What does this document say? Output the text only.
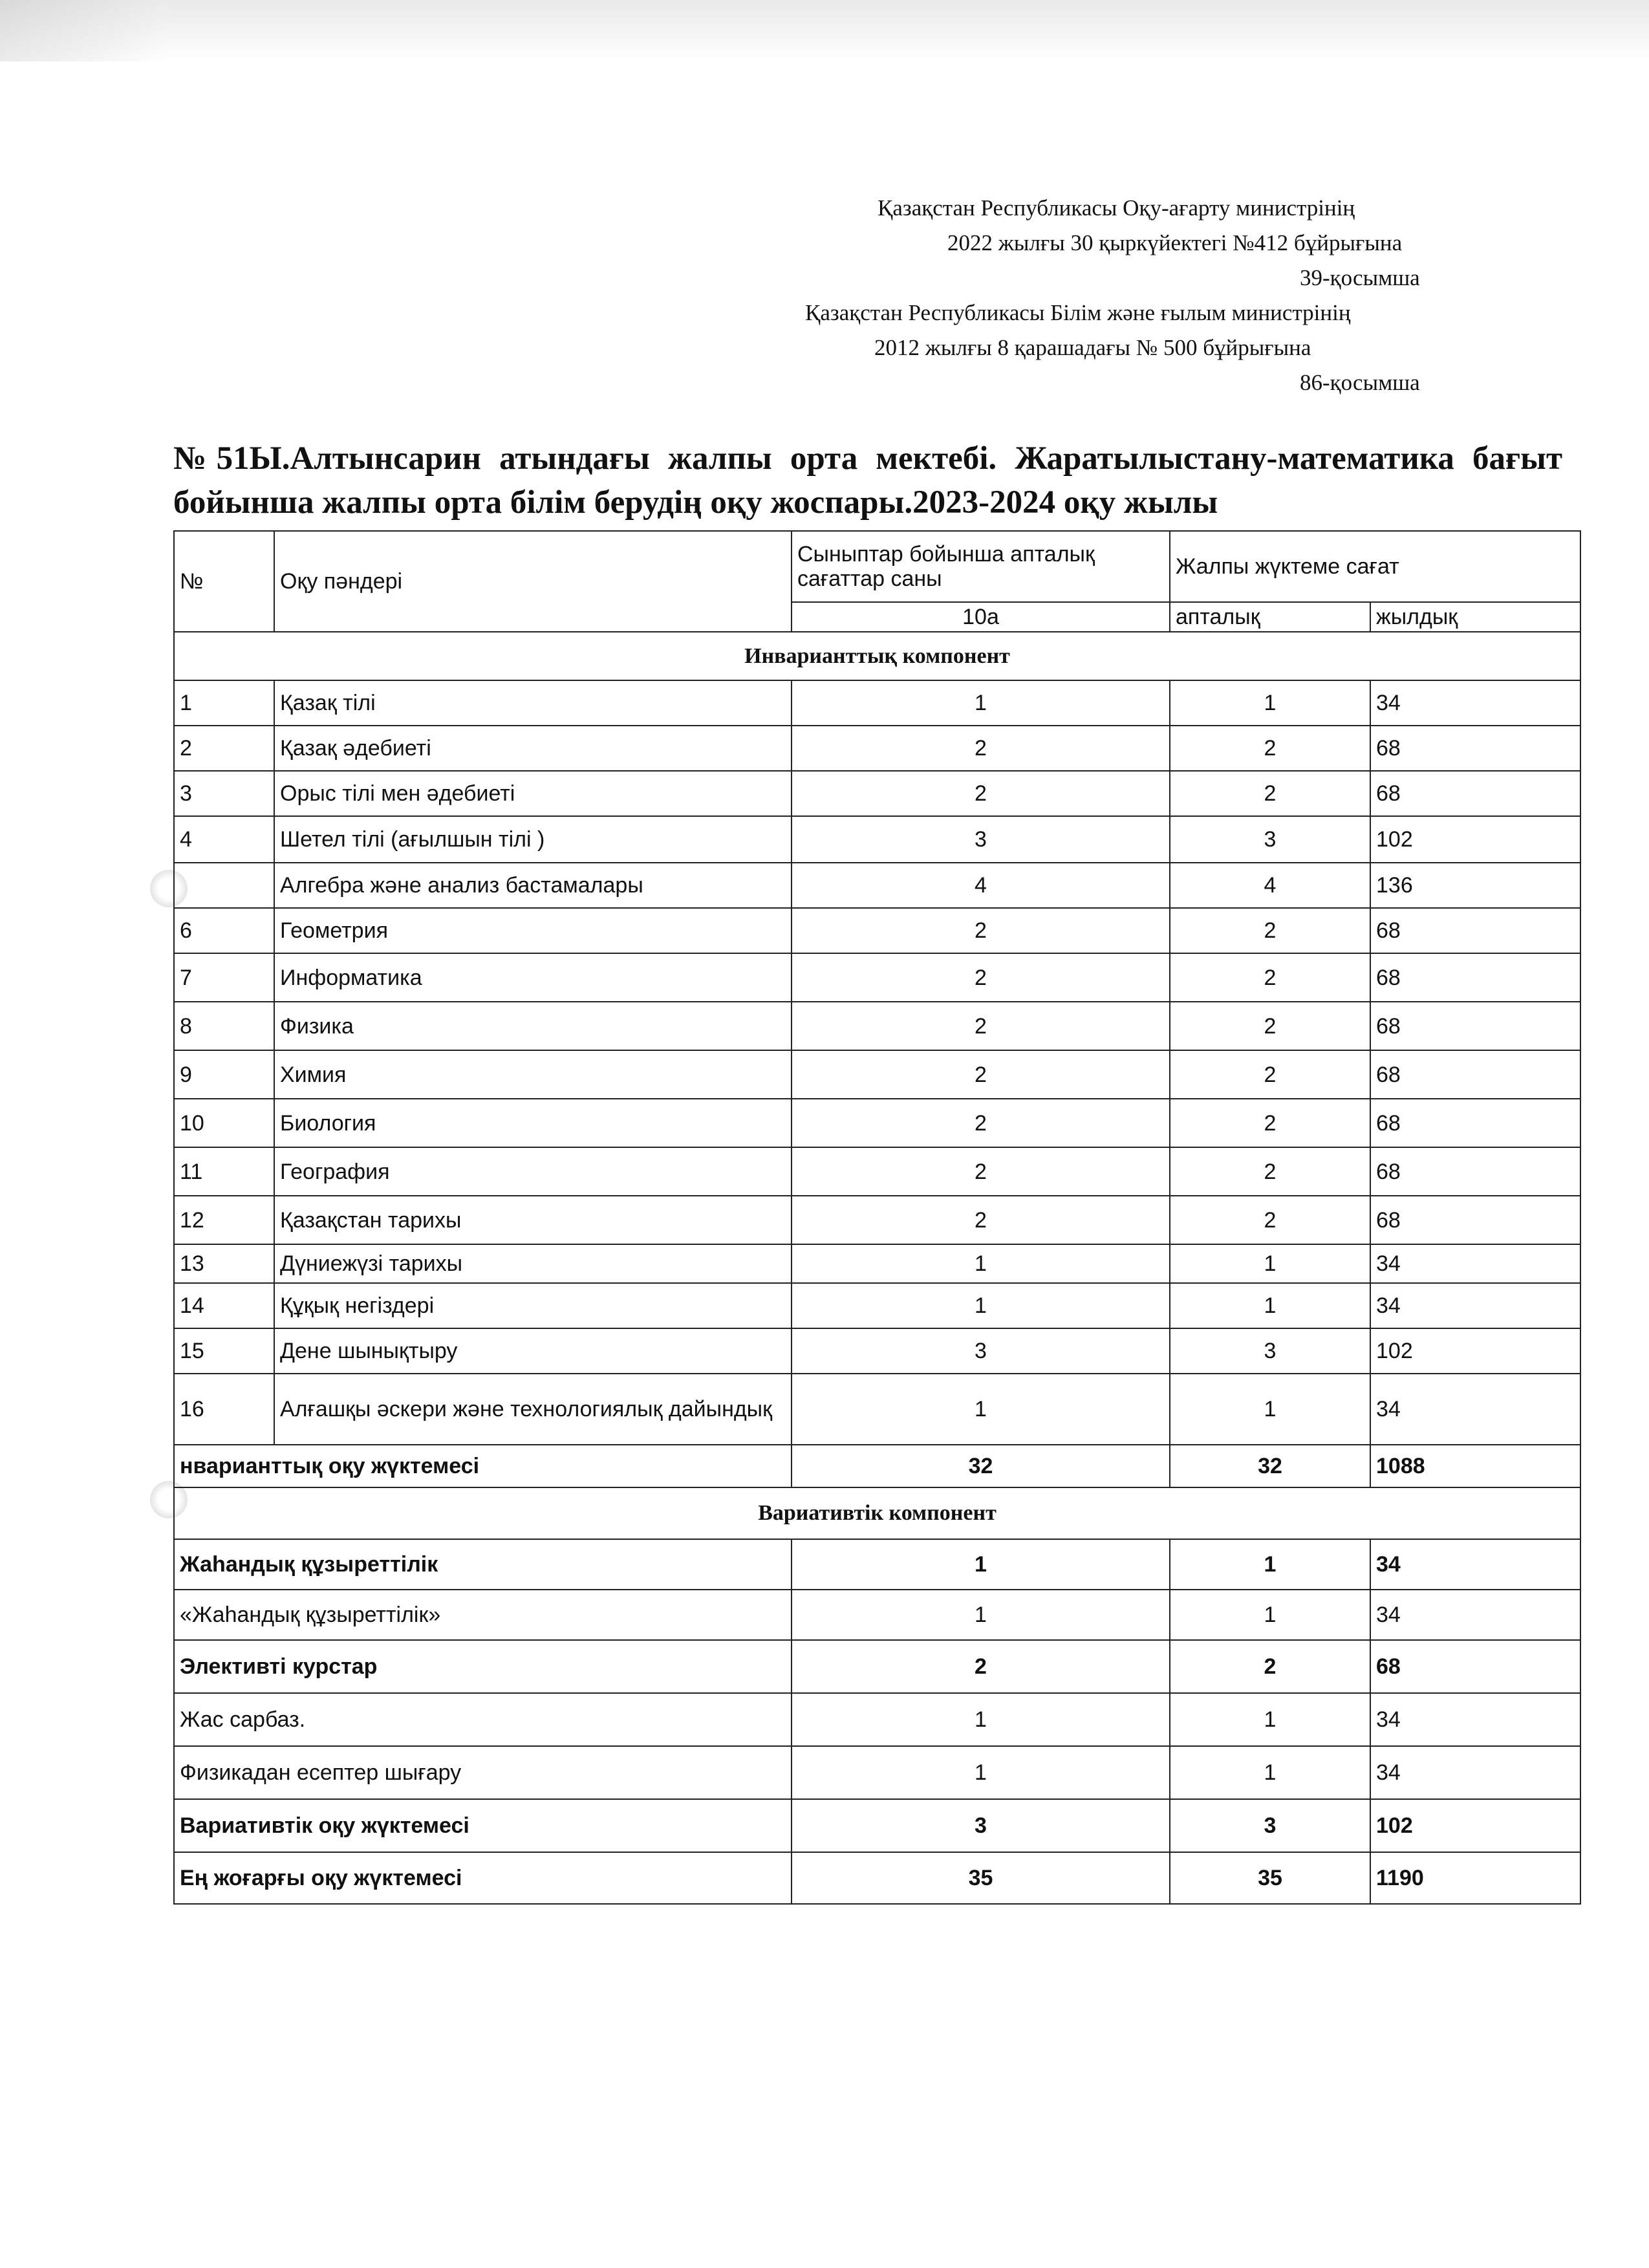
Қазақстан Республикасы Оқу-ағарту министрінің
2022 жылғы 30 қыркүйектегі №412 бұйрығына
39-қосымша
Қазақстан Республикасы Білім және ғылым министрінің
2012 жылғы 8 қарашадағы № 500 бұйрығына
86-қосымша
№51Ы.Алтынсарин атындағы жалпы орта мектебі. Жаратылыстану-математика бағыт бойынша жалпы орта білім берудің оқу жоспары.2023-2024 оқу жылы
№	Оқу пәндері	Сыныптар бойынша апталық сағаттар саны	Жалпы жүктеме сағат	
		10а	апталық	жылдық
Инварианттық компонент				
1	Қазақ тілі	1	1	34
2	Қазақ әдебиеті	2	2	68
3	Орыс тілі мен әдебиеті	2	2	68
4	Шетел тілі (ағылшын тілі )	3	3	102
	Алгебра және анализ бастамалары	4	4	136
6	Геометрия	2	2	68
7	Информатика	2	2	68
8	Физика	2	2	68
9	Химия	2	2	68
10	Биология	2	2	68
11	География	2	2	68
12	Қазақстан тарихы	2	2	68
13	Дүниежүзі тарихы	1	1	34
14	Құқық негіздері	1	1	34
15	Дене шынықтыру	3	3	102
16	Алғашқы әскери және технологиялық дайындық	1	1	34
нварианттық оқу жүктемесі		32	32	1088
Вариативтік компонент				
Жаһандық құзыреттілік		1	1	34
«Жаһандық құзыреттілік»		1	1	34
Элективті курстар		2	2	68
Жас сарбаз.		1	1	34
Физикадан есептер шығару		1	1	34
Вариативтік оқу жүктемесі		3	3	102
Ең жоғарғы оқу жүктемесі		35	35	1190
